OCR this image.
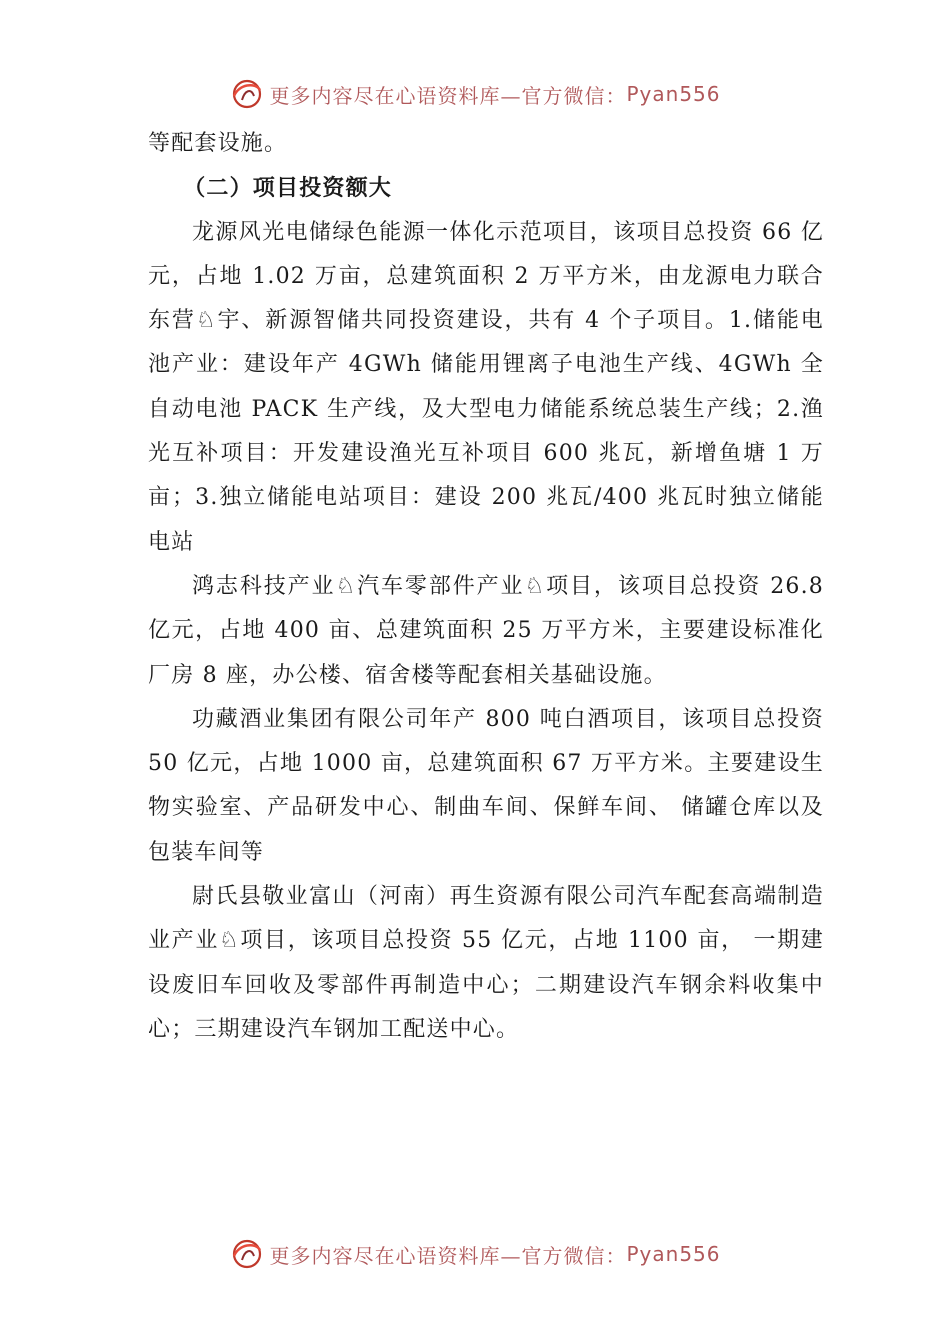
更多内容尽在心语资料库—官方微信： Pyan556

等配套设施。

（二）项目投资额大

龙源风光电储绿色能源一体化示范项目，该项目总投资 66 亿元，占地 1.02 万亩，总建筑面积 2 万平方米，由龙源电力联合东营♘宇、新源智储共同投资建设，共有 4 个子项目。1.储能电池产业：建设年产 4GWh 储能用锂离子电池生产线、4GWh 全自动电池 PACK 生产线，及大型电力储能系统总装生产线；2.渔光互补项目：开发建设渔光互补项目 600 兆瓦，新增鱼塘 1 万亩；3.独立储能电站项目：建设 200 兆瓦/400 兆瓦时独立储能电站

鸿志科技产业♘汽车零部件产业♘项目，该项目总投资 26.8 亿元，占地 400 亩、总建筑面积 25 万平方米，主要建设标准化厂房 8 座，办公楼、宿舍楼等配套相关基础设施。

功藏酒业集团有限公司年产 800 吨白酒项目，该项目总投资 50 亿元，占地 1000 亩，总建筑面积 67 万平方米。主要建设生物实验室、产品研发中心、制曲车间、保鲜车间、 储罐仓库以及包装车间等

尉氏县敬业富山（河南）再生资源有限公司汽车配套高端制造业产业♘项目，该项目总投资 55 亿元，占地 1100 亩， 一期建设废旧车回收及零部件再制造中心；二期建设汽车钢余料收集中心；三期建设汽车钢加工配送中心。

更多内容尽在心语资料库—官方微信： Pyan556
